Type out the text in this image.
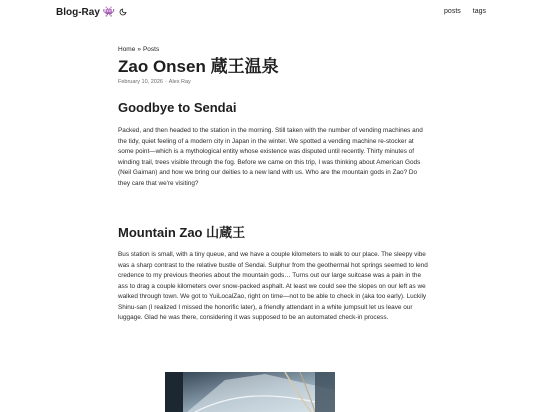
Blog-Ray 👾	posts tags
Home » Posts
Zao Onsen 蔵王温泉
February 10, 2026 · Alex Ray
Goodbye to Sendai

Packed, and then headed to the station in the morning. Still taken with the number of vending machines and the tidy, quiet feeling of a modern city in Japan in the winter. We spotted a vending machine re-stocker at some point—which is a mythological entity whose existence was disputed until recently. Thirty minutes of winding trail, trees visible through the fog. Before we came on this trip, I was thinking about American Gods (Neil Gaiman) and how we bring our deities to a new land with us. Who are the mountain gods in Zao? Do they care that we're visiting?

Mountain Zao 山蔵王

Bus station is small, with a tiny queue, and we have a couple kilometers to walk to our place. The sleepy vibe was a sharp contrast to the relative bustle of Sendai. Sulphur from the geothermal hot springs seemed to lend credence to my previous theories about the mountain gods… Turns out our large suitcase was a pain in the ass to drag a couple kilometers over snow-packed asphalt. At least we could see the slopes on our left as we walked through town. We got to YuiLocalZao, right on time—not to be able to check in (aka too early). Luckily Shinu-san (I realized I missed the honorific later), a friendly attendant in a white jumpsuit let us leave our luggage. Glad he was there, considering it was supposed to be an automated check-in process.
